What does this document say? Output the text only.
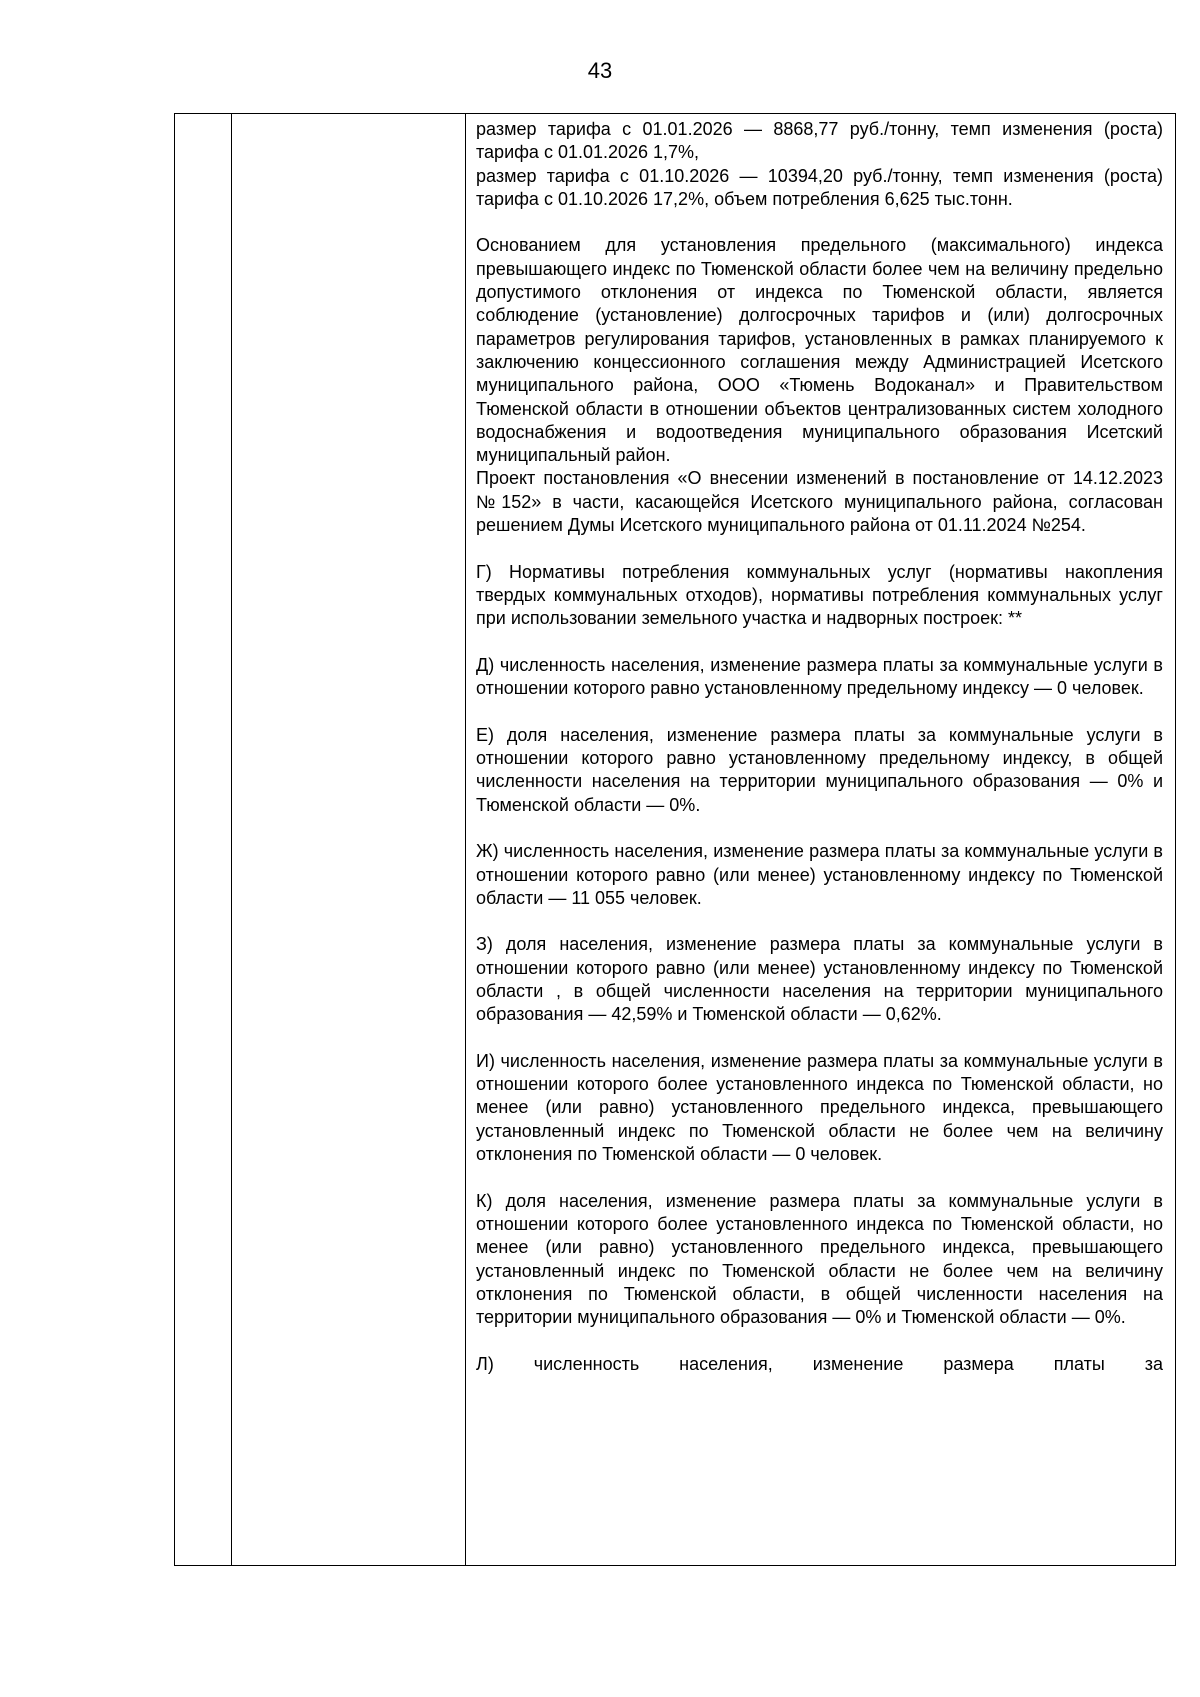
43

размер тарифа с 01.01.2026 — 8868,77 руб./тонну, темп изменения (роста) тарифа с 01.01.2026 1,7%,

размер тарифа с 01.10.2026 — 10394,20 руб./тонну, темп изменения (роста) тарифа с 01.10.2026 17,2%, объем потребления 6,625 тыс.тонн.

Основанием для установления предельного (максимального) индекса превышающего индекс по Тюменской области более чем на величину предельно допустимого отклонения от индекса по Тюменской области, является соблюдение (установление) долгосрочных тарифов и (или) долгосрочных параметров регулирования тарифов, установленных в рамках планируемого к заключению концессионного соглашения между Администрацией Исетского муниципального района, ООО «Тюмень Водоканал» и Правительством Тюменской области в отношении объектов централизованных систем холодного водоснабжения и водоотведения муниципального образования Исетский муниципальный район.

Проект постановления «О внесении изменений в постановление от 14.12.2023 №152» в части, касающейся Исетского муниципального района, согласован решением Думы Исетского муниципального района от 01.11.2024 №254.

Г) Нормативы потребления коммунальных услуг (нормативы накопления твердых коммунальных отходов), нормативы потребления коммунальных услуг при использовании земельного участка и надворных построек: **

Д) численность населения, изменение размера платы за коммунальные услуги в отношении которого равно установленному предельному индексу — 0 человек.

Е) доля населения, изменение размера платы за коммунальные услуги в отношении которого равно установленному предельному индексу, в общей численности населения на территории муниципального образования — 0% и Тюменской области — 0%.

Ж) численность населения, изменение размера платы за коммунальные услуги в отношении которого равно (или менее) установленному индексу по Тюменской области — 11 055 человек.

З) доля населения, изменение размера платы за коммунальные услуги в отношении которого равно (или менее) установленному индексу по Тюменской области , в общей численности населения на территории муниципального образования — 42,59% и Тюменской области — 0,62%.

И) численность населения, изменение размера платы за коммунальные услуги в отношении которого более установленного индекса по Тюменской области, но менее (или равно) установленного предельного индекса, превышающего установленный индекс по Тюменской области не более чем на величину отклонения по Тюменской области — 0 человек.

К) доля населения, изменение размера платы за коммунальные услуги в отношении которого более установленного индекса по Тюменской области, но менее (или равно) установленного предельного индекса, превышающего установленный индекс по Тюменской области не более чем на величину отклонения по Тюменской области, в общей численности населения на территории муниципального образования — 0% и Тюменской области — 0%.

Л) численность населения, изменение размера платы за
